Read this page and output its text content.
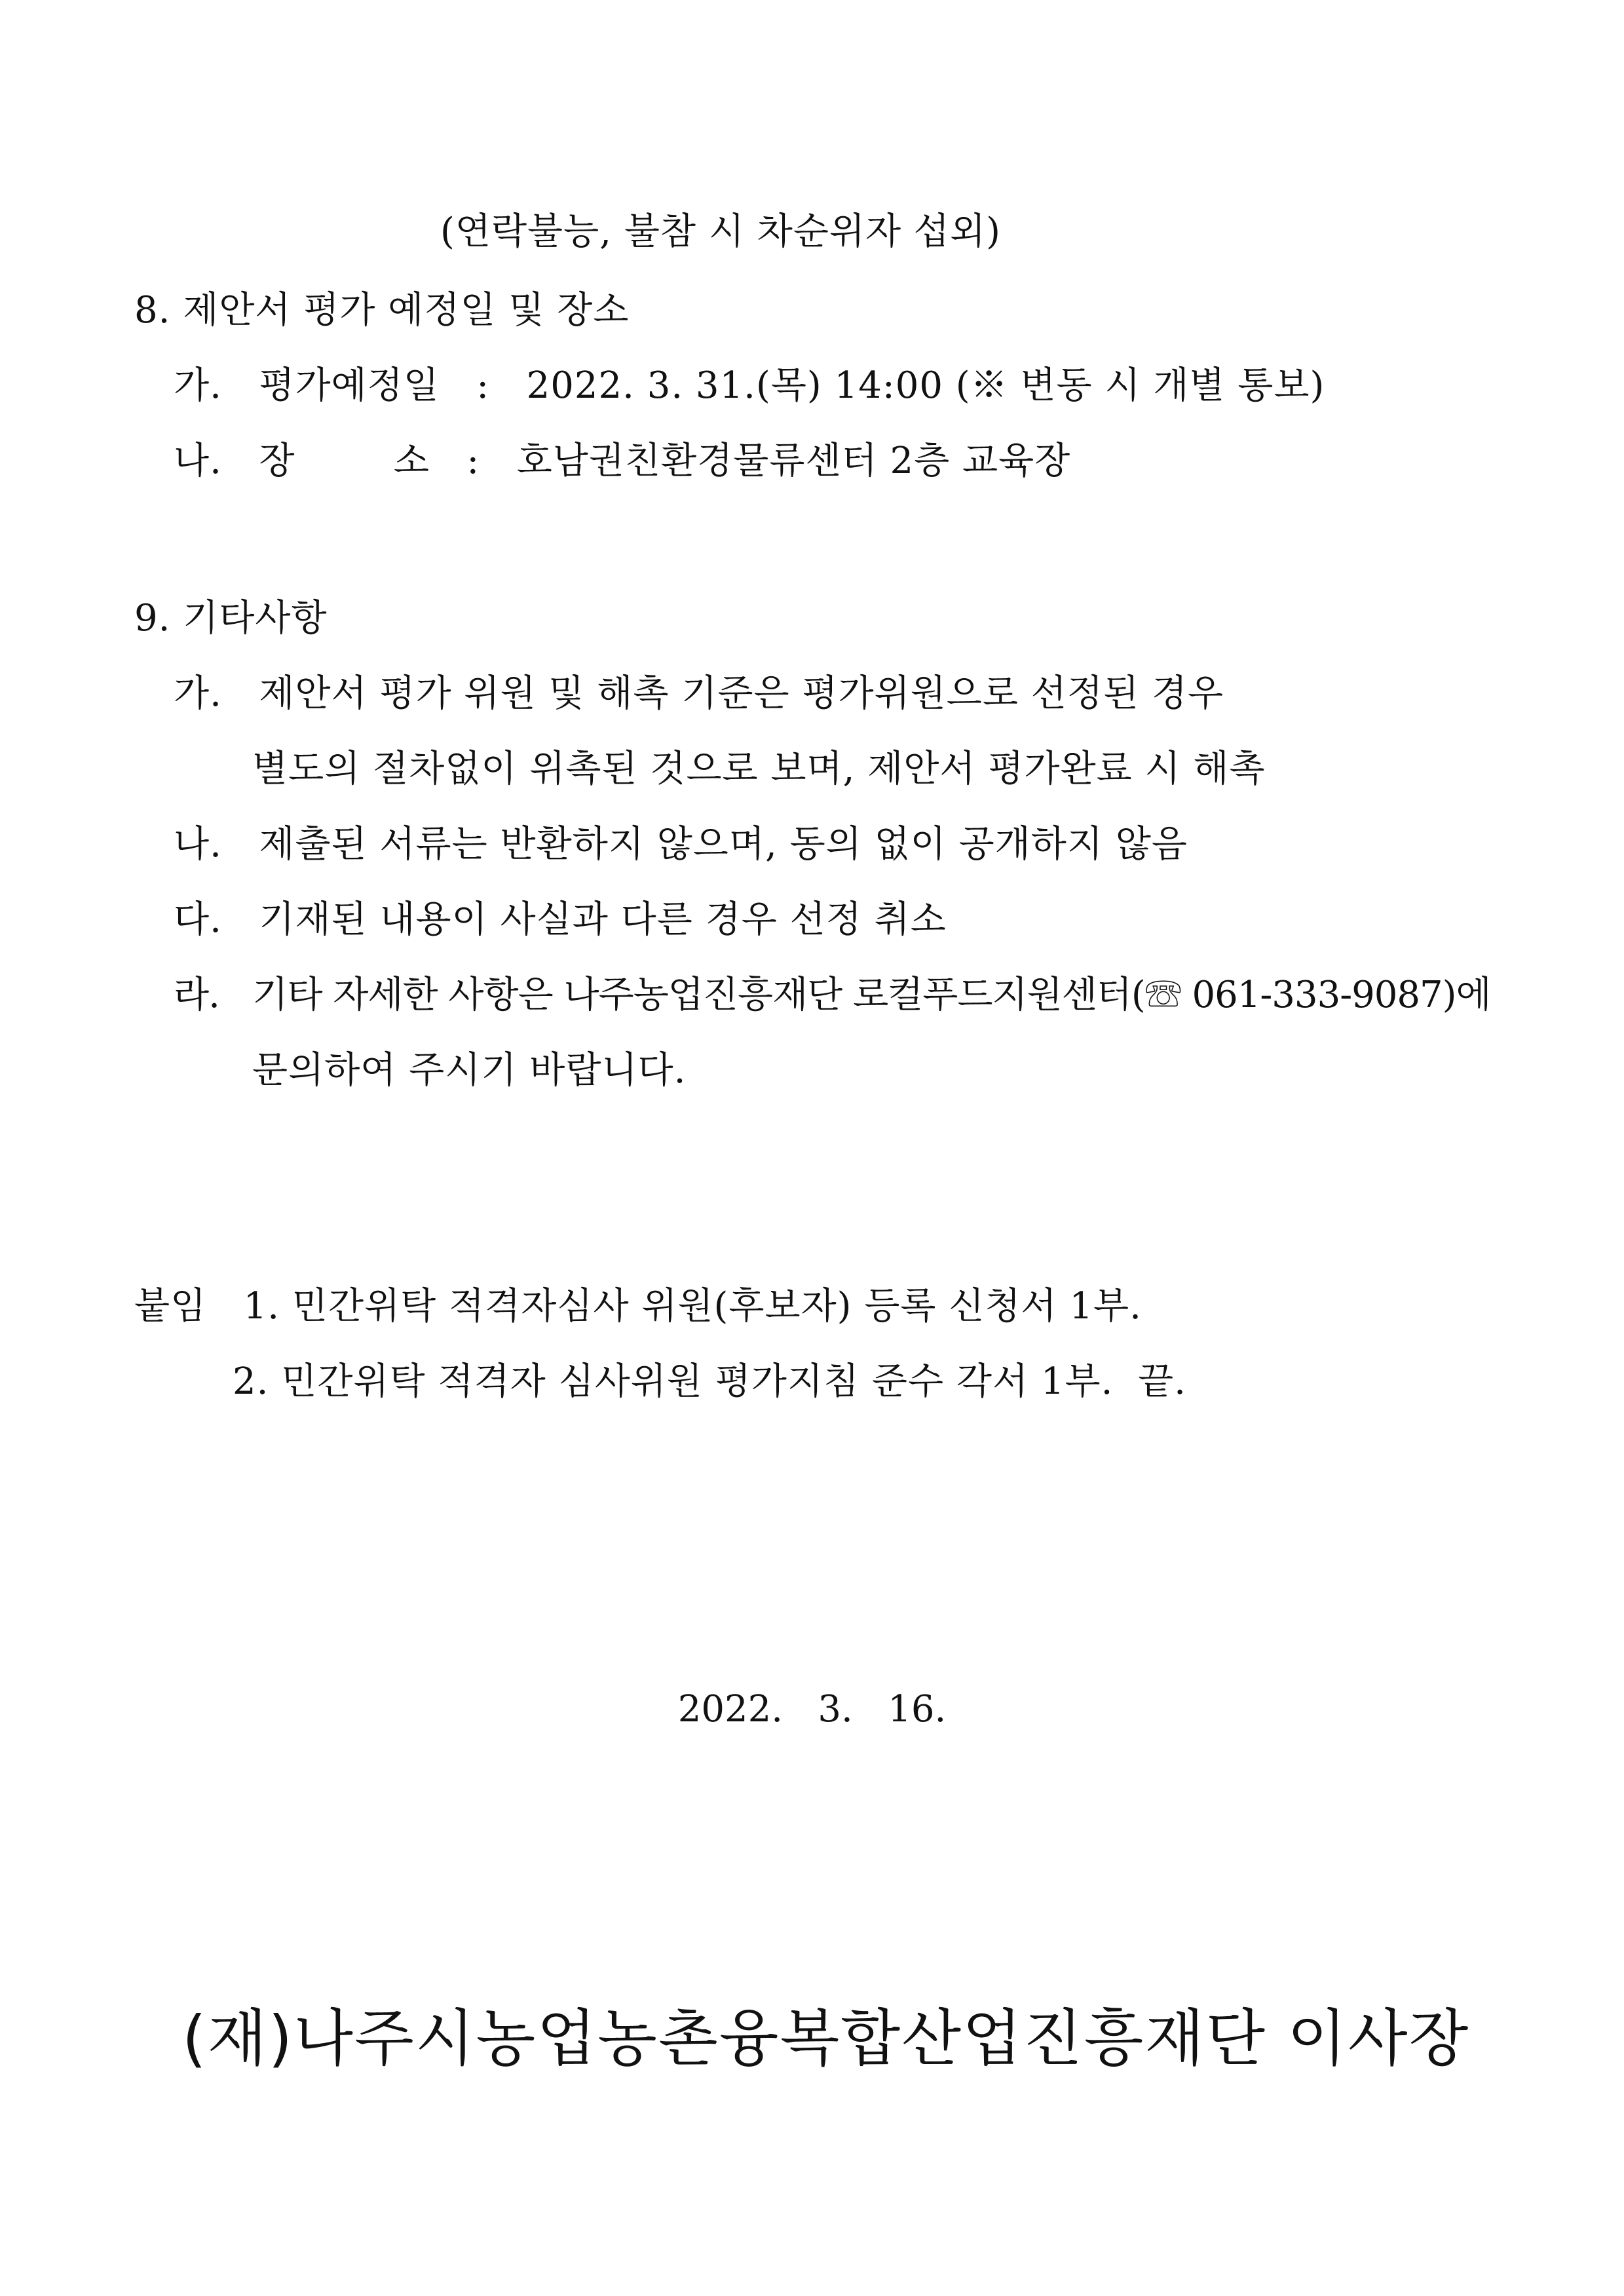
(연락불능, 불참 시 차순위자 섭외)
8. 제안서 평가 예정일 및 장소
가. 평가예정일 : 2022. 3. 31.(목) 14:00 (※ 변동 시 개별 통보)
나. 장        소 : 호남권친환경물류센터 2층 교육장
9. 기타사항
가. 제안서 평가 위원 및 해촉 기준은 평가위원으로 선정된 경우
별도의 절차없이 위촉된 것으로 보며, 제안서 평가완료 시 해촉
나. 제출된 서류는 반환하지 않으며, 동의 없이 공개하지 않음
다. 기재된 내용이 사실과 다른 경우 선정 취소
라. 기타 자세한 사항은 나주농업진흥재단 로컬푸드지원센터(☏ 061-333-9087)에
문의하여 주시기 바랍니다.
붙임 1. 민간위탁 적격자심사 위원(후보자) 등록 신청서 1부.
2. 민간위탁 적격자 심사위원 평가지침 준수 각서 1부.  끝.
2022.   3.   16.
(재)나주시농업농촌융복합산업진흥재단 이사장
